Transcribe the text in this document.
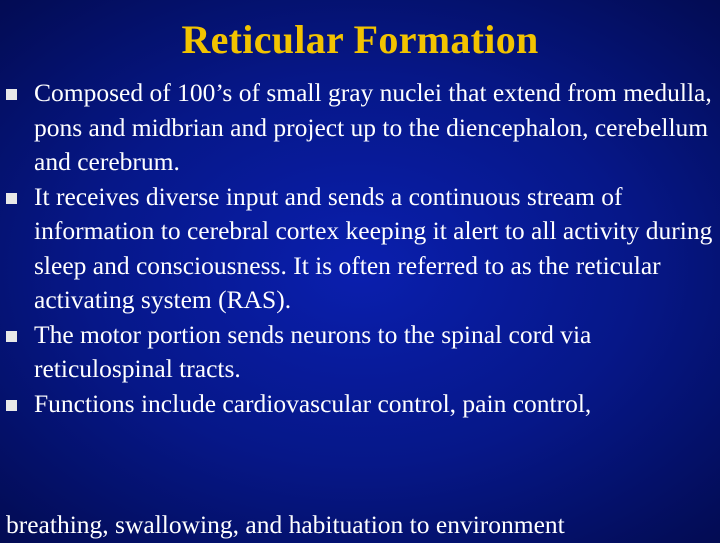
Reticular Formation
Composed of 100’s of small gray nuclei that extend from medulla, pons and midbrian and project up to the diencephalon, cerebellum and cerebrum.
It receives diverse input and sends a continuous stream of information to cerebral cortex keeping it alert to all activity during sleep and consciousness. It is often referred to as the reticular activating system (RAS).
The motor portion sends neurons to the spinal cord via reticulospinal tracts.
Functions include cardiovascular control, pain control,
breathing, swallowing, and habituation to environment
